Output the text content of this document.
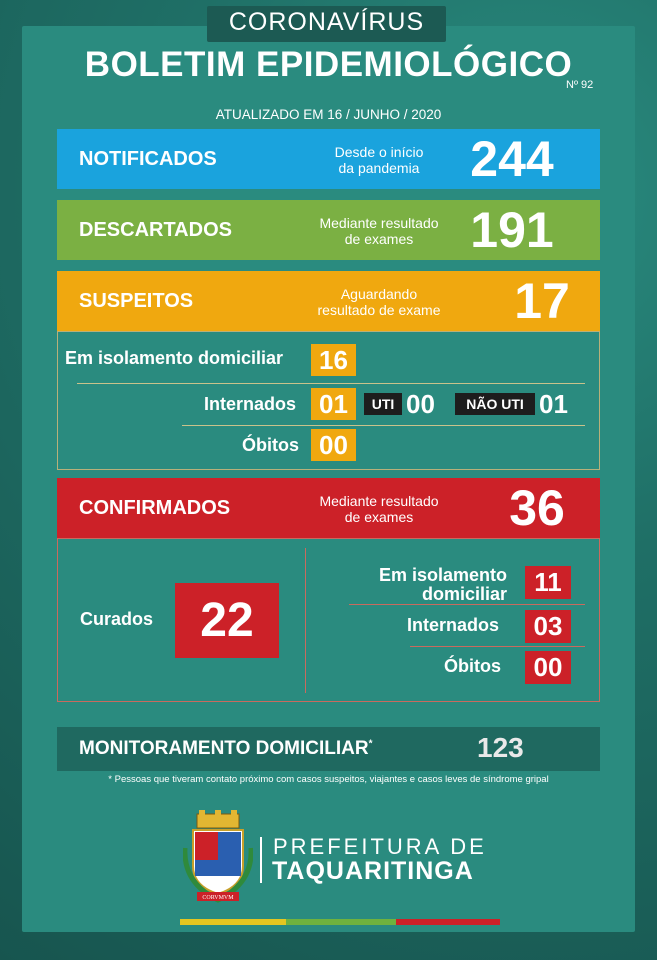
CORONAVÍRUS
BOLETIM EPIDEMIOLÓGICO
Nº 92
ATUALIZADO EM 16 / JUNHO / 2020
NOTIFICADOS	Desde o início
da pandemia	244
DESCARTADOS	Mediante resultado
de exames	191
SUSPEITOS	Aguardando
resultado de exame	17
Em isolamento domiciliar	16
Internados 01	UTI 00	NÃO UTI 01
Óbitos 00
CONFIRMADOS	Mediante resultado
de exames	36
Curados 22
Em isolamento
domiciliar	11
Internados	03
Óbitos	00
MONITORAMENTO DOMICILIAR*	123
* Pessoas que tiveram contato próximo com casos suspeitos, viajantes e casos leves de síndrome gripal
CORVMVM
PREFEITURA DE
TAQUARITINGA
